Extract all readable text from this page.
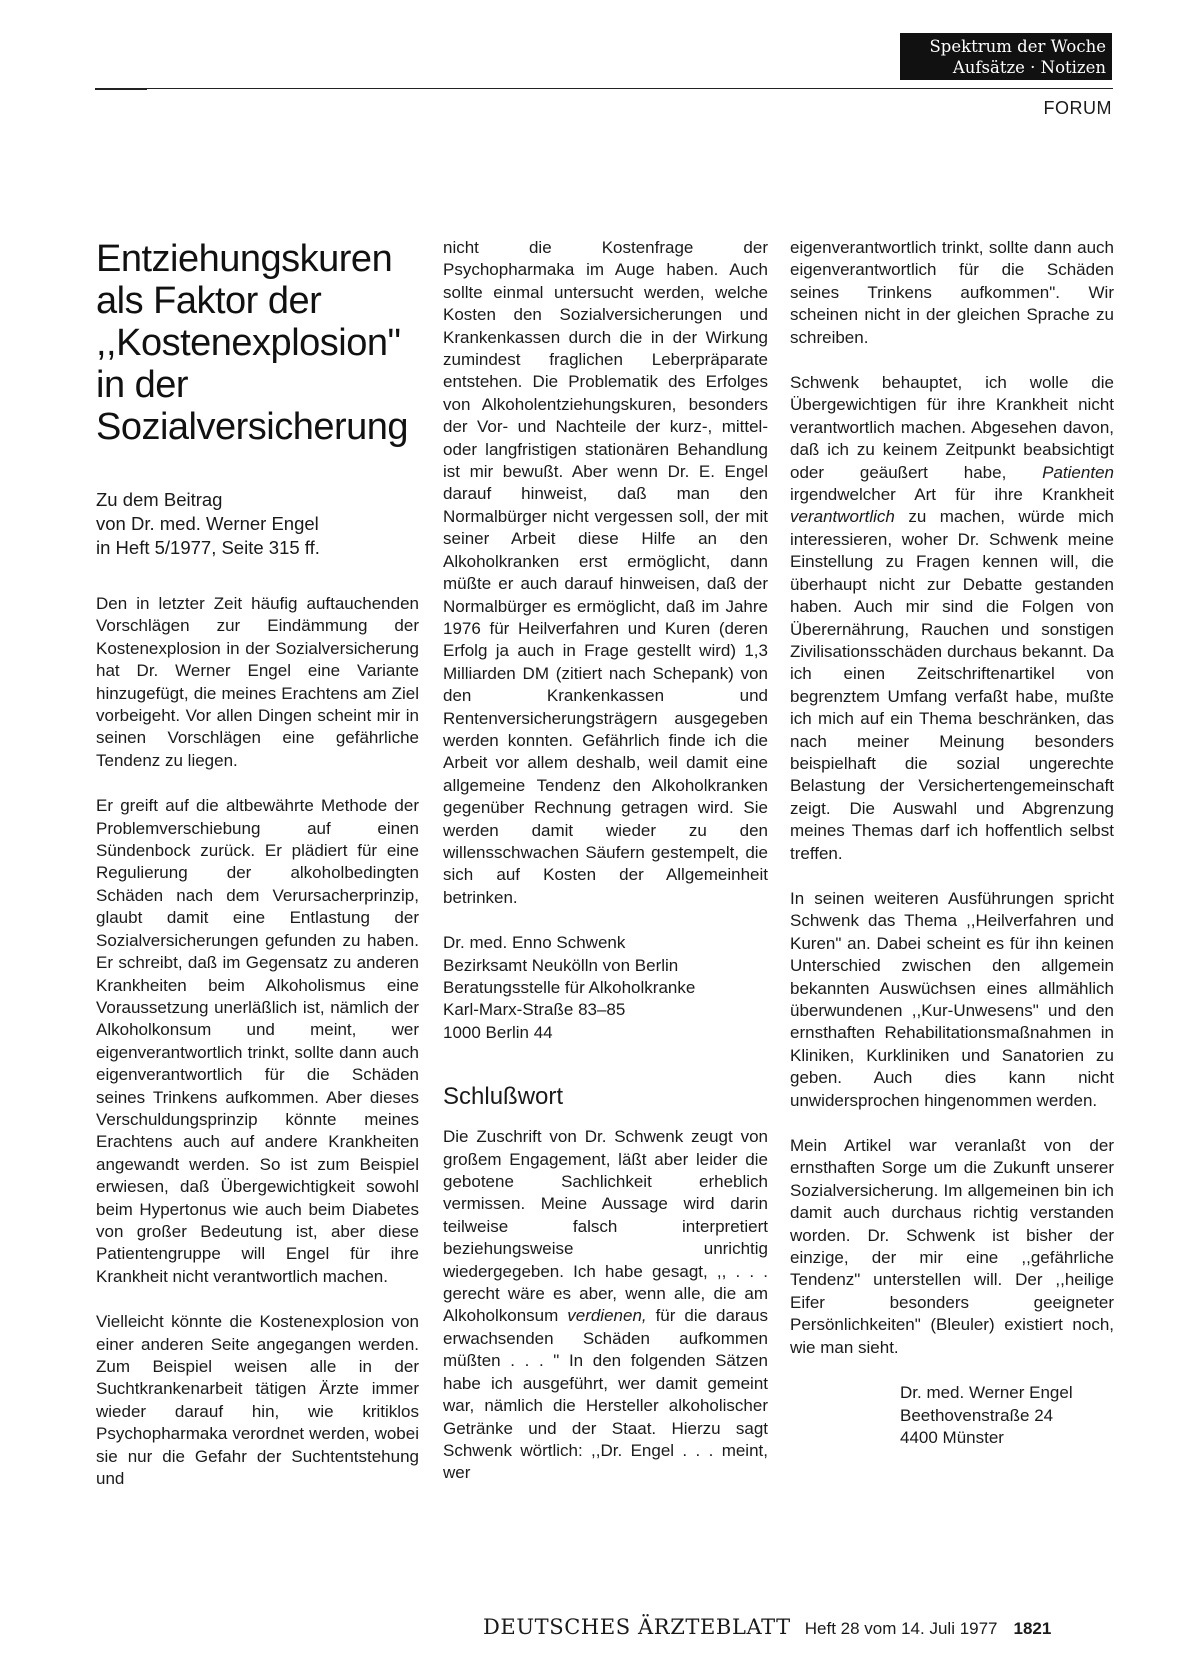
Spektrum der Woche
Aufsätze · Notizen
FORUM
Entziehungskuren
als Faktor der
,,Kostenexplosion"
in der
Sozialversicherung
Zu dem Beitrag
von Dr. med. Werner Engel
in Heft 5/1977, Seite 315 ff.

Den in letzter Zeit häufig auftauchenden Vorschlägen zur Eindämmung der Kostenexplosion in der Sozialversicherung hat Dr. Werner Engel eine Variante hinzugefügt, die meines Erachtens am Ziel vorbeigeht. Vor allen Dingen scheint mir in seinen Vorschlägen eine gefährliche Tendenz zu liegen.

Er greift auf die altbewährte Methode der Problemverschiebung auf einen Sündenbock zurück. Er plädiert für eine Regulierung der alkoholbedingten Schäden nach dem Verursacherprinzip, glaubt damit eine Entlastung der Sozialversicherungen gefunden zu haben. Er schreibt, daß im Gegensatz zu anderen Krankheiten beim Alkoholismus eine Voraussetzung unerläßlich ist, nämlich der Alkoholkonsum und meint, wer eigenverantwortlich trinkt, sollte dann auch eigenverantwortlich für die Schäden seines Trinkens aufkommen. Aber dieses Verschuldungsprinzip könnte meines Erachtens auch auf andere Krankheiten angewandt werden. So ist zum Beispiel erwiesen, daß Übergewichtigkeit sowohl beim Hypertonus wie auch beim Diabetes von großer Bedeutung ist, aber diese Patientengruppe will Engel für ihre Krankheit nicht verantwortlich machen.

Vielleicht könnte die Kostenexplosion von einer anderen Seite angegangen werden. Zum Beispiel weisen alle in der Suchtkrankenarbeit tätigen Ärzte immer wieder darauf hin, wie kritiklos Psychopharmaka verordnet werden, wobei sie nur die Gefahr der Suchtentstehung und

nicht die Kostenfrage der Psychopharmaka im Auge haben. Auch sollte einmal untersucht werden, welche Kosten den Sozialversicherungen und Krankenkassen durch die in der Wirkung zumindest fraglichen Leberpräparate entstehen. Die Problematik des Erfolges von Alkoholentziehungskuren, besonders der Vor- und Nachteile der kurz-, mittel- oder langfristigen stationären Behandlung ist mir bewußt. Aber wenn Dr. E. Engel darauf hinweist, daß man den Normalbürger nicht vergessen soll, der mit seiner Arbeit diese Hilfe an den Alkoholkranken erst ermöglicht, dann müßte er auch darauf hinweisen, daß der Normalbürger es ermöglicht, daß im Jahre 1976 für Heilverfahren und Kuren (deren Erfolg ja auch in Frage gestellt wird) 1,3 Milliarden DM (zitiert nach Schepank) von den Krankenkassen und Rentenversicherungsträgern ausgegeben werden konnten. Gefährlich finde ich die Arbeit vor allem deshalb, weil damit eine allgemeine Tendenz den Alkoholkranken gegenüber Rechnung getragen wird. Sie werden damit wieder zu den willensschwachen Säufern gestempelt, die sich auf Kosten der Allgemeinheit betrinken.

Dr. med. Enno Schwenk
Bezirksamt Neukölln von Berlin
Beratungsstelle für Alkoholkranke
Karl-Marx-Straße 83–85
1000 Berlin 44
Schlußwort

Die Zuschrift von Dr. Schwenk zeugt von großem Engagement, läßt aber leider die gebotene Sachlichkeit erheblich vermissen. Meine Aussage wird darin teilweise falsch interpretiert beziehungsweise unrichtig wiedergegeben. Ich habe gesagt, ,, . . . gerecht wäre es aber, wenn alle, die am Alkoholkonsum verdienen, für die daraus erwachsenden Schäden aufkommen müßten . . . " In den folgenden Sätzen habe ich ausgeführt, wer damit gemeint war, nämlich die Hersteller alkoholischer Getränke und der Staat. Hierzu sagt Schwenk wörtlich: ,,Dr. Engel . . . meint, wer

eigenverantwortlich trinkt, sollte dann auch eigenverantwortlich für die Schäden seines Trinkens aufkommen". Wir scheinen nicht in der gleichen Sprache zu schreiben.

Schwenk behauptet, ich wolle die Übergewichtigen für ihre Krankheit nicht verantwortlich machen. Abgesehen davon, daß ich zu keinem Zeitpunkt beabsichtigt oder geäußert habe, Patienten irgendwelcher Art für ihre Krankheit verantwortlich zu machen, würde mich interessieren, woher Dr. Schwenk meine Einstellung zu Fragen kennen will, die überhaupt nicht zur Debatte gestanden haben. Auch mir sind die Folgen von Überernährung, Rauchen und sonstigen Zivilisationsschäden durchaus bekannt. Da ich einen Zeitschriftenartikel von begrenztem Umfang verfaßt habe, mußte ich mich auf ein Thema beschränken, das nach meiner Meinung besonders beispielhaft die sozial ungerechte Belastung der Versichertengemeinschaft zeigt. Die Auswahl und Abgrenzung meines Themas darf ich hoffentlich selbst treffen.

In seinen weiteren Ausführungen spricht Schwenk das Thema ,,Heilverfahren und Kuren" an. Dabei scheint es für ihn keinen Unterschied zwischen den allgemein bekannten Auswüchsen eines allmählich überwundenen ,,Kur-Unwesens" und den ernsthaften Rehabilitationsmaßnahmen in Kliniken, Kurkliniken und Sanatorien zu geben. Auch dies kann nicht unwidersprochen hingenommen werden.

Mein Artikel war veranlaßt von der ernsthaften Sorge um die Zukunft unserer Sozialversicherung. Im allgemeinen bin ich damit auch durchaus richtig verstanden worden. Dr. Schwenk ist bisher der einzige, der mir eine ,,gefährliche Tendenz" unterstellen will. Der ,,heilige Eifer besonders geeigneter Persönlichkeiten" (Bleuler) existiert noch, wie man sieht.

Dr. med. Werner Engel
Beethovenstraße 24
4400 Münster
DEUTSCHES ÄRZTEBLATT Heft 28 vom 14. Juli 1977 1821
